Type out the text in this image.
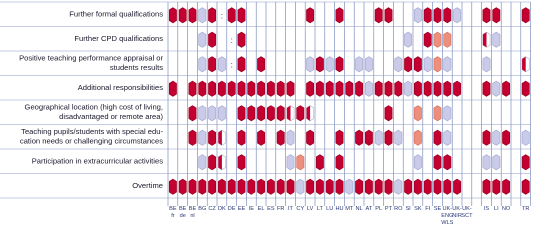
:
:
:
Further formal qualifications
Further CPD qualifications
Positive teaching performance appraisal or
students results
Additional responsibilities
Geographical location (high cost of living,
disadvantaged or remote area)
Teaching pupils/students with special edu-
cation needs or challenging circumstances
Participation in extracurricular activities
Overtime
BE
fr
BE
de
BE
nl
BG CZ DK DE EE IE EL ES FR IT CY LV LT LU HU MT NL AT PL PT RO SI SK FI SE UK-
ENG
WLS
UK-
NIR
UK-
SCT
IS LI NO TR
